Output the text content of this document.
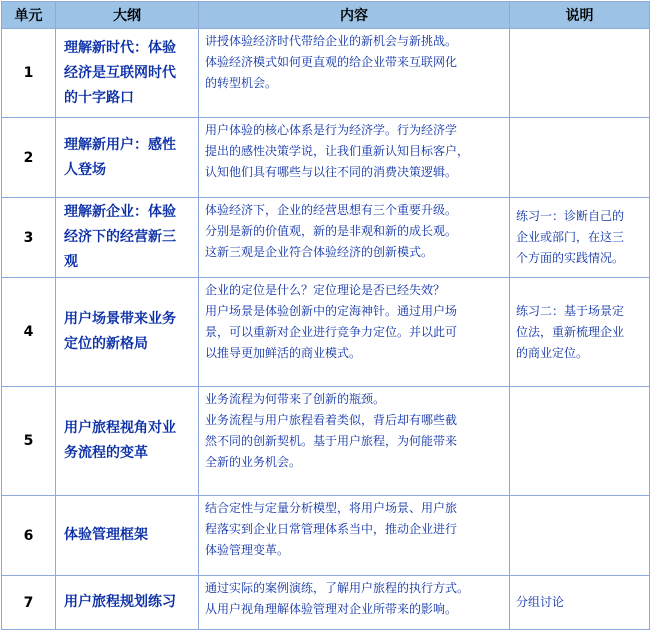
单元	大纲	内容	说明
1	理解新时代：体验
经济是互联网时代
的十字路口	讲授体验经济时代带给企业的新机会与新挑战。
体验经济模式如何更直观的给企业带来互联网化
的转型机会。	

2	理解新用户：感性
人登场	用户体验的核心体系是行为经济学。行为经济学
提出的感性决策学说，让我们重新认知目标客户，
认知他们具有哪些与以往不同的消费决策逻辑。	

3	理解新企业：体验
经济下的经营新三
观	体验经济下，企业的经营思想有三个重要升级。
分别是新的价值观，新的是非观和新的成长观。
这新三观是企业符合体验经济的创新模式。	练习一：诊断自己的
企业或部门，在这三
个方面的实践情况。

4	用户场景带来业务
定位的新格局	企业的定位是什么？定位理论是否已经失效？
用户场景是体验创新中的定海神针。通过用户场
景，可以重新对企业进行竞争力定位。并以此可
以推导更加鲜活的商业模式。	练习二：基于场景定
位法，重新梳理企业
的商业定位。

5	用户旅程视角对业
务流程的变革	业务流程为何带来了创新的瓶颈。
业务流程与用户旅程看着类似，背后却有哪些截
然不同的创新契机。基于用户旅程，为何能带来
全新的业务机会。	

6	体验管理框架	结合定性与定量分析模型，将用户场景、用户旅
程落实到企业日常管理体系当中，推动企业进行
体验管理变革。	

7	用户旅程规划练习	通过实际的案例演练，了解用户旅程的执行方式。
从用户视角理解体验管理对企业所带来的影响。	分组讨论
